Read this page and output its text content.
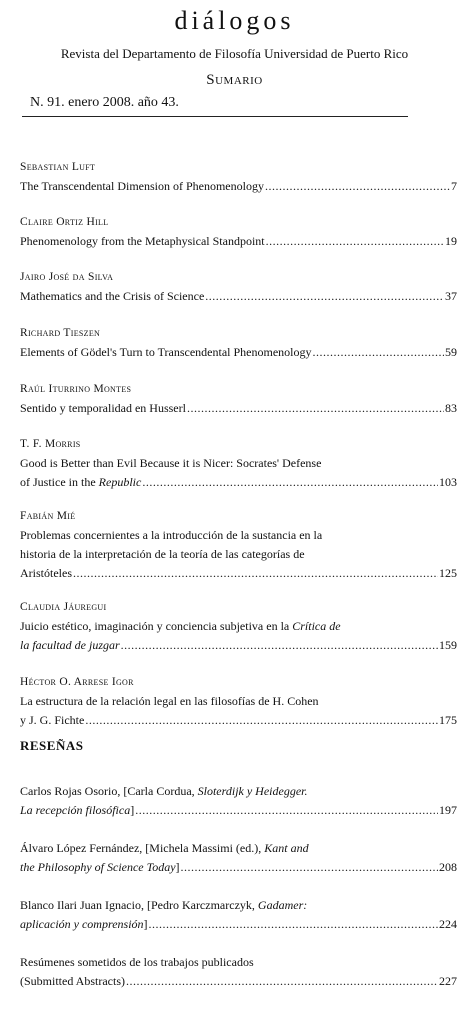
diálogos
Revista del Departamento de Filosofía Universidad de Puerto Rico
Sumario
N. 91. enero 2008. año 43.
Sebastian Luft
The Transcendental Dimension of Phenomenology .....	7
Claire Ortiz Hill
Phenomenology from the Metaphysical Standpoint .....	19
Jairo José da Silva
Mathematics and the Crisis of Science .....	37
Richard Tieszen
Elements of Gödel's Turn to Transcendental Phenomenology .....	59
Raúl Iturrino Montes
Sentido y temporalidad en Husserl .....	83
T. F. Morris
Good is Better than Evil Because it is Nicer: Socrates' Defense
of Justice in the Republic .....	103
Fabián Mié
Problemas concernientes a la introducción de la sustancia en la
historia de la interpretación de la teoría de las categorías de
Aristóteles .....	125
Claudia Jáuregui
Juicio estético, imaginación y conciencia subjetiva en la Crítica de
la facultad de juzgar .....	159
Héctor O. Arrese Igor
La estructura de la relación legal en las filosofías de H. Cohen
y J. G. Fichte .....	175
RESEÑAS
Carlos Rojas Osorio, [Carla Cordua, Sloterdijk y Heidegger.
La recepción filosófica] .....	197
Álvaro López Fernández, [Michela Massimi (ed.), Kant and
the Philosophy of Science Today] .....	208
Blanco Ilari Juan Ignacio, [Pedro Karczmarczyk, Gadamer:
aplicación y comprensión] .....	224
Resúmenes sometidos de los trabajos publicados
(Submitted Abstracts) .....	227
